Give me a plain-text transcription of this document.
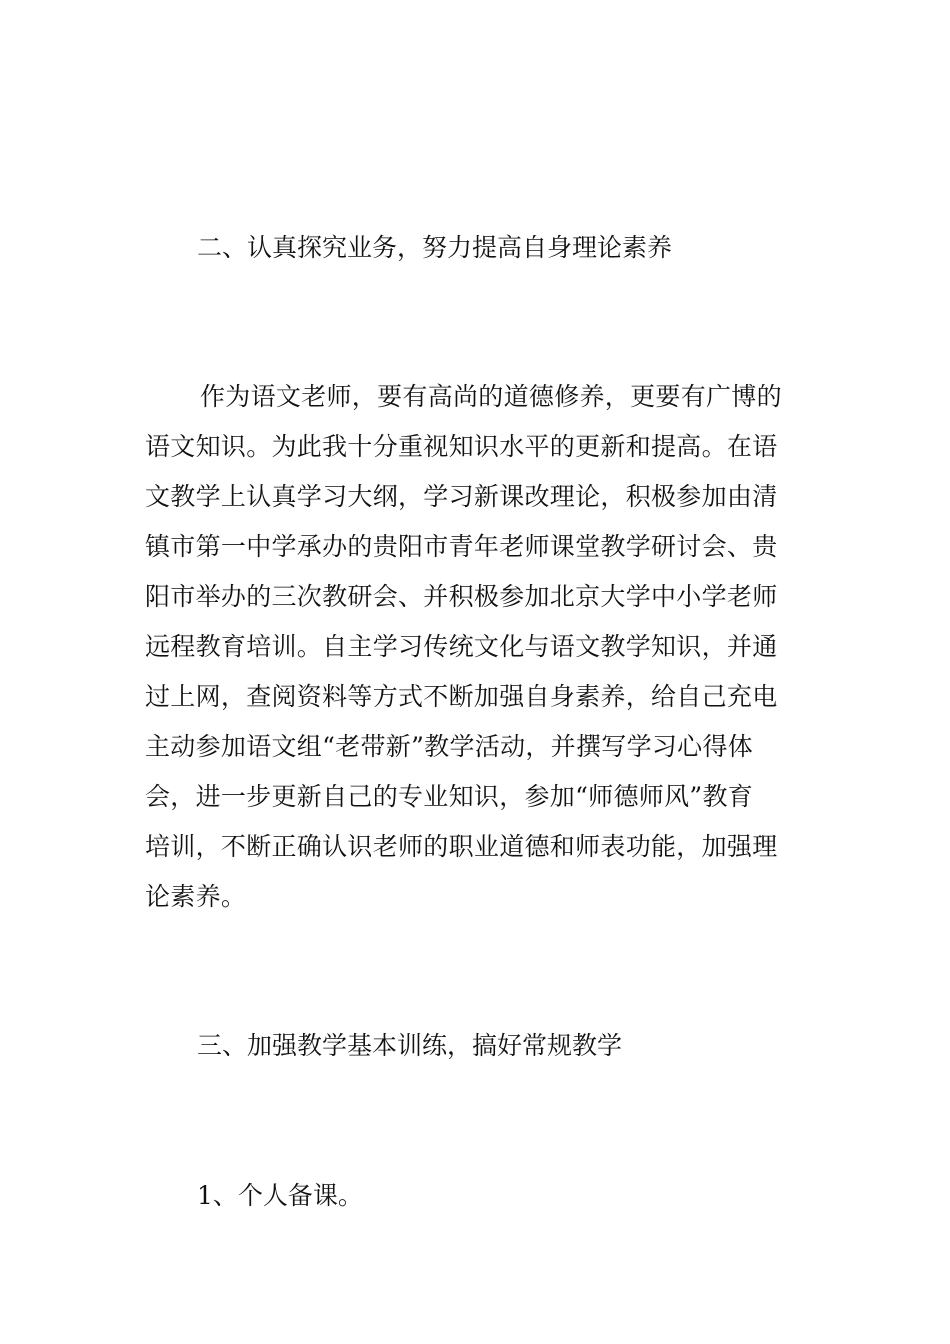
二、认真探究业务，努力提高自身理论素养
作为语文老师，要有高尚的道德修养，更要有广博的
语文知识。为此我十分重视知识水平的更新和提高。在语
文教学上认真学习大纲，学习新课改理论，积极参加由清
镇市第一中学承办的贵阳市青年老师课堂教学研讨会、贵
阳市举办的三次教研会、并积极参加北京大学中小学老师
远程教育培训。自主学习传统文化与语文教学知识，并通
过上网，查阅资料等方式不断加强自身素养，给自己充电
主动参加语文组“老带新”教学活动，并撰写学习心得体
会，进一步更新自己的专业知识，参加“师德师风”教育
培训，不断正确认识老师的职业道德和师表功能，加强理
论素养。
三、加强教学基本训练，搞好常规教学

1、个人备课。
